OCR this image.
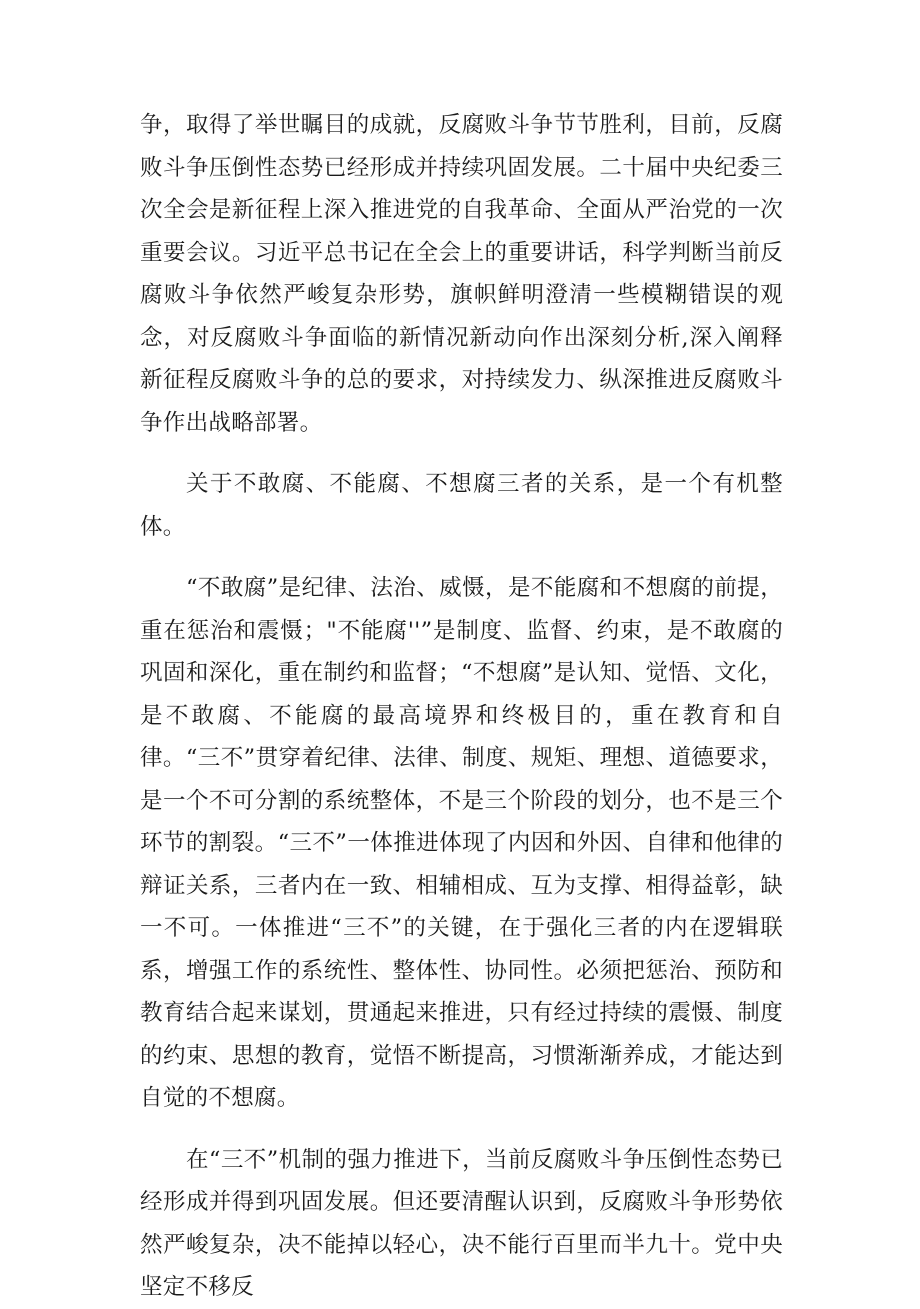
争，取得了举世瞩目的成就，反腐败斗争节节胜利，目前，反腐败斗争压倒性态势已经形成并持续巩固发展。二十届中央纪委三次全会是新征程上深入推进党的自我革命、全面从严治党的一次重要会议。习近平总书记在全会上的重要讲话，科学判断当前反腐败斗争依然严峻复杂形势，旗帜鲜明澄清一些模糊错误的观念，对反腐败斗争面临的新情况新动向作出深刻分析,深入阐释新征程反腐败斗争的总的要求，对持续发力、纵深推进反腐败斗争作出战略部署。

关于不敢腐、不能腐、不想腐三者的关系，是一个有机整体。

“不敢腐”是纪律、法治、威慑，是不能腐和不想腐的前提，重在惩治和震慑；"不能腐''”是制度、监督、约束，是不敢腐的巩固和深化，重在制约和监督；“不想腐”是认知、觉悟、文化，是不敢腐、不能腐的最高境界和终极目的，重在教育和自律。“三不”贯穿着纪律、法律、制度、规矩、理想、道德要求，是一个不可分割的系统整体，不是三个阶段的划分，也不是三个环节的割裂。“三不”一体推进体现了内因和外因、自律和他律的辩证关系，三者内在一致、相辅相成、互为支撑、相得益彰，缺一不可。一体推进“三不”的关键，在于强化三者的内在逻辑联系，增强工作的系统性、整体性、协同性。必须把惩治、预防和教育结合起来谋划，贯通起来推进，只有经过持续的震慑、制度的约束、思想的教育，觉悟不断提高，习惯渐渐养成，才能达到自觉的不想腐。

在“三不”机制的强力推进下，当前反腐败斗争压倒性态势已经形成并得到巩固发展。但还要清醒认识到，反腐败斗争形势依然严峻复杂，决不能掉以轻心，决不能行百里而半九十。党中央坚定不移反
